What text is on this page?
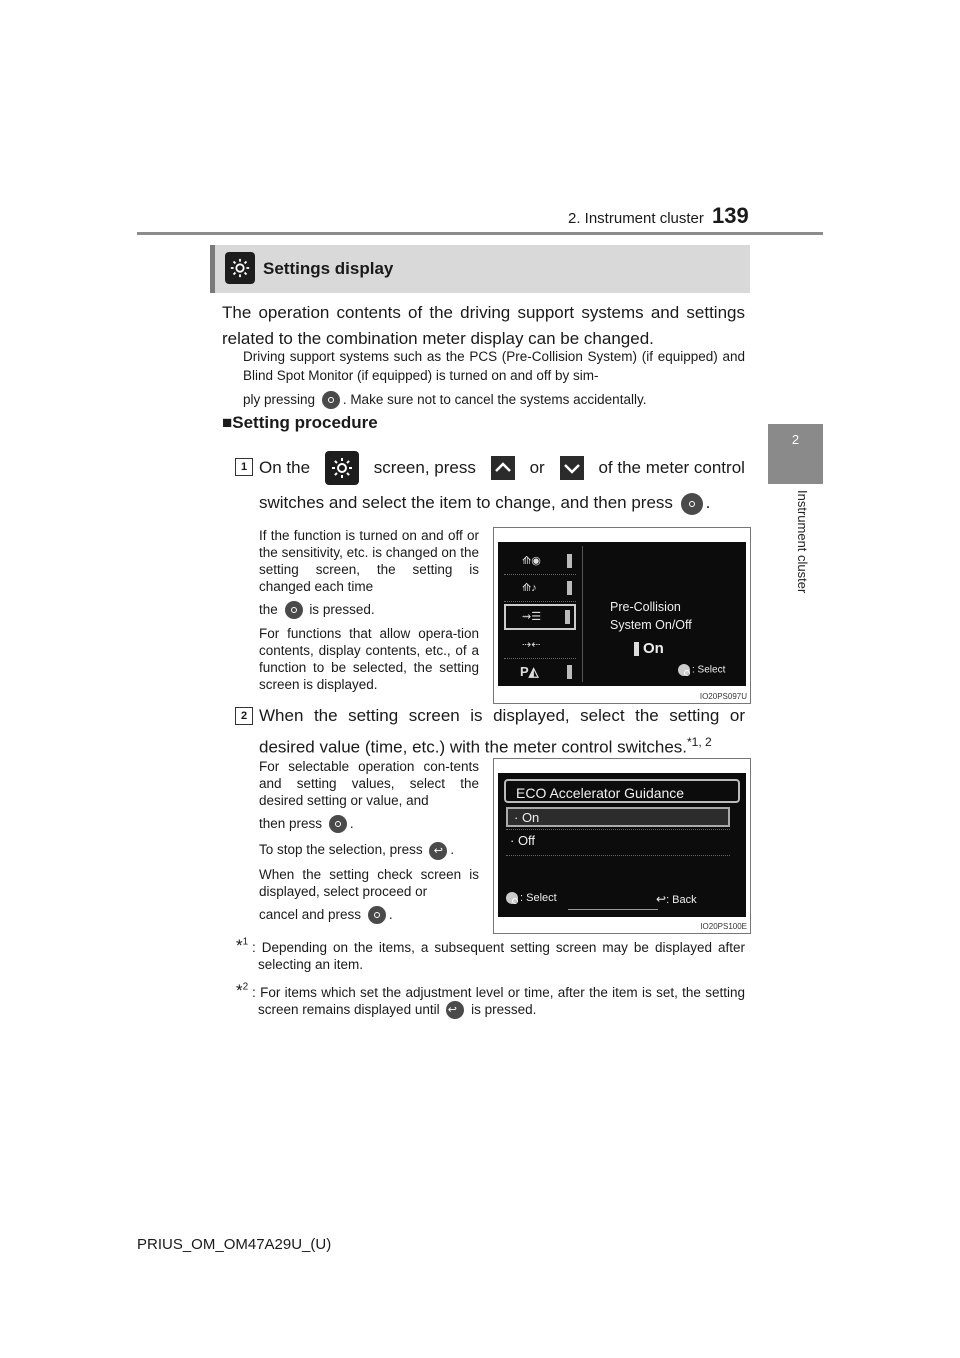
2. Instrument cluster 139
2
Instrument cluster
Settings display

The operation contents of the driving support systems and settings related to the combination meter display can be changed.

Driving support systems such as the PCS (Pre-Collision System) (if equipped) and Blind Spot Monitor (if equipped) is turned on and off by sim-

ply pressing . Make sure not to cancel the systems accidentally.

■Setting procedure
1 On the	screen, press	or	of the meter control
switches and select the item to change, and then press .

If the function is turned on and off or the sensitivity, etc. is changed on the setting screen, the setting is changed each time

the is pressed.

For functions that allow opera-tion contents, display contents, etc., of a function to be selected, the setting screen is displayed.

⟰◉
⟰♪
⇝☰
⇢⇠
P◭
Pre-Collision
System On/Off
On
: Select
IO20PS097U
2 When the setting screen is displayed, select the setting or desired value (time, etc.) with the meter control switches.$^{*1, 2}$

For selectable operation con-tents and setting values, select the desired setting or value, and

then press .

To stop the selection, press ↩ .

When the setting check screen is displayed, select proceed or

cancel and press .

ECO Accelerator Guidance
· On
· Off
: Select	↩: Back
IO20PS100E
*$^1$ : Depending on the items, a subsequent setting screen may be displayed after selecting an item.

*$^2$ : For items which set the adjustment level or time, after the item is set, the setting screen remains displayed until ↩ is pressed.

PRIUS_OM_OM47A29U_(U)
